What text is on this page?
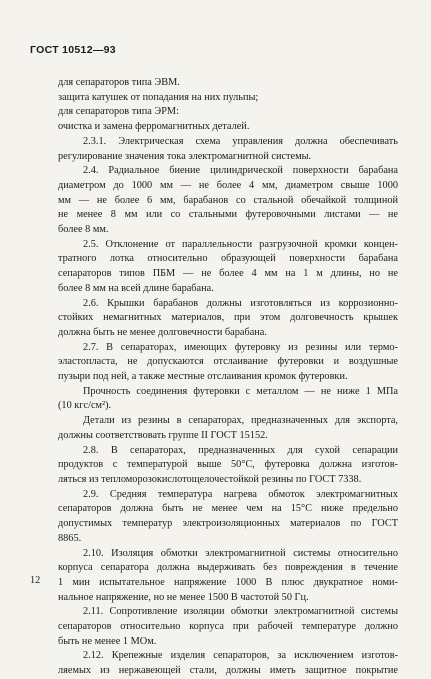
ГОСТ 10512—93
для сепараторов типа ЭВМ.
защита катушек от попадания на них пульпы;
для сепараторов типа ЭРМ:
очистка и замена ферромагнитных деталей.
2.3.1. Электрическая схема управления должна обеспечивать
регулирование значения тока электромагнитной системы.
2.4. Радиальное биение цилиндрической поверхности барабана
диаметром до 1000 мм — не более 4 мм, диаметром свыше 1000
мм — не более 6 мм, барабанов со стальной обечайкой толщиной
не менее 8 мм или со стальными футеровочными листами — не
более 8 мм.
2.5. Отклонение от параллельности разгрузочной кромки концен-
тратного лотка относительно образующей поверхности барабана
сепараторов типов ПБМ — не более 4 мм на 1 м длины, но не
более 8 мм на всей длине барабана.
2.6. Крышки барабанов должны изготовляться из коррозионно-
стойких немагнитных материалов, при этом долговечность крышек
должна быть не менее долговечности барабана.
2.7. В сепараторах, имеющих футеровку из резины или термо-
эластопласта, не допускаются отслаивание футеровки и воздушные
пузыри под ней, а также местные отслаивания кромок футеровки.
Прочность соединения футеровки с металлом — не ниже 1 МПа
(10 кгс/см²).
Детали из резины в сепараторах, предназначенных для экспорта,
должны соответствовать группе II ГОСТ 15152.
2.8. В сепараторах, предназначенных для сухой сепарации
продуктов с температурой выше 50°С, футеровка должна изготов-
ляться из тепломорозокислотощелочестойкой резины по ГОСТ 7338.
2.9. Средняя температура нагрева обмоток электромагнитных
сепараторов должна быть не менее чем на 15°С ниже предельно
допустимых температур электроизоляционных материалов по ГОСТ
8865.
2.10. Изоляция обмотки электромагнитной системы относительно
корпуса сепаратора должна выдерживать без повреждения в течение
1 мин испытательное напряжение 1000 В плюс двукратное номи-
нальное напряжение, но не менее 1500 В частотой 50 Гц.
2.11. Сопротивление изоляции обмотки электромагнитной системы
сепараторов относительно корпуса при рабочей температуре должно
быть не менее 1 МОм.
2.12. Крепежные изделия сепараторов, за исключением изготов-
ляемых из нержавеющей стали, должны иметь защитное покрытие
12
